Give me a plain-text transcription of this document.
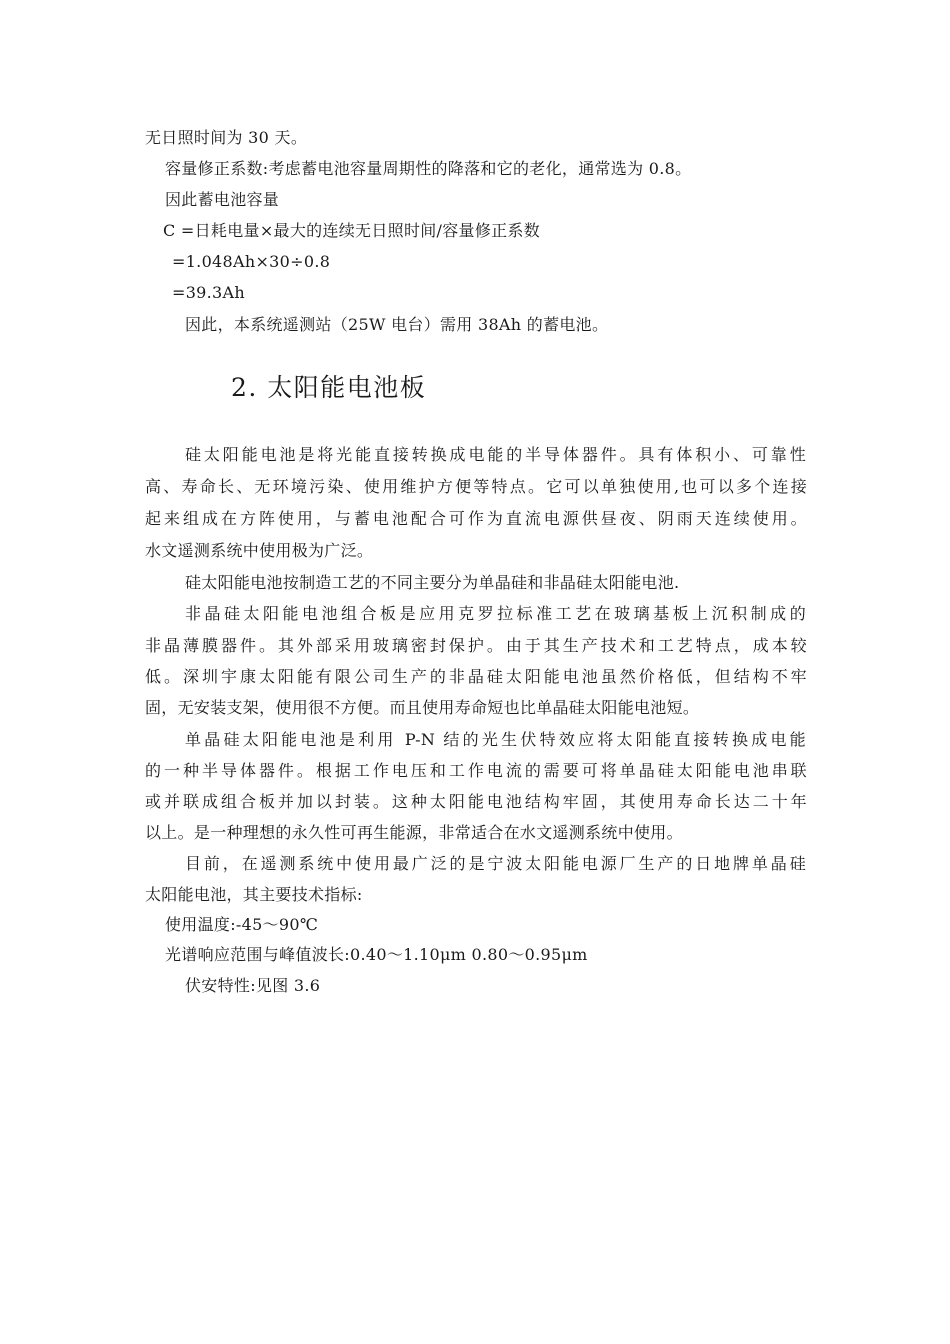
无日照时间为 30 天。
容量修正系数:考虑蓄电池容量周期性的降落和它的老化，通常选为 0.8。
因此蓄电池容量
C =日耗电量×最大的连续无日照时间/容量修正系数
=1.048Ah×30÷0.8
=39.3Ah
因此，本系统遥测站（25W 电台）需用 38Ah 的蓄电池。
2. 太阳能电池板
硅太阳能电池是将光能直接转换成电能的半导体器件。具有体积小、可靠性
高、寿命长、无环境污染、使用维护方便等特点。它可以单独使用,也可以多个连接
起来组成在方阵使用，与蓄电池配合可作为直流电源供昼夜、阴雨天连续使用。
水文遥测系统中使用极为广泛。
硅太阳能电池按制造工艺的不同主要分为单晶硅和非晶硅太阳能电池.
非晶硅太阳能电池组合板是应用克罗拉标准工艺在玻璃基板上沉积制成的
非晶薄膜器件。其外部采用玻璃密封保护。由于其生产技术和工艺特点，成本较
低。深圳宇康太阳能有限公司生产的非晶硅太阳能电池虽然价格低，但结构不牢
固，无安装支架，使用很不方便。而且使用寿命短也比单晶硅太阳能电池短。
单晶硅太阳能电池是利用 P-N 结的光生伏特效应将太阳能直接转换成电能
的一种半导体器件。根据工作电压和工作电流的需要可将单晶硅太阳能电池串联
或并联成组合板并加以封装。这种太阳能电池结构牢固，其使用寿命长达二十年
以上。是一种理想的永久性可再生能源，非常适合在水文遥测系统中使用。
目前，在遥测系统中使用最广泛的是宁波太阳能电源厂生产的日地牌单晶硅
太阳能电池，其主要技术指标:
使用温度:-45～90℃
光谱响应范围与峰值波长:0.40～1.10μm 0.80～0.95μm
伏安特性:见图 3.6
